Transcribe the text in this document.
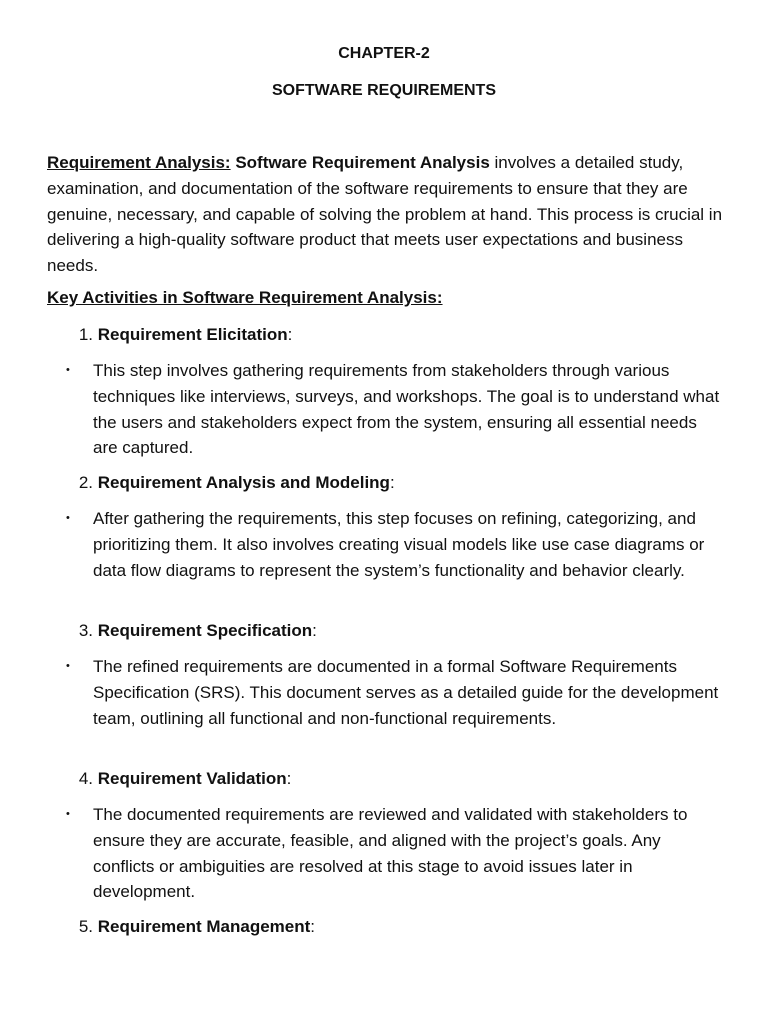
CHAPTER-2
SOFTWARE REQUIREMENTS
Requirement Analysis: Software Requirement Analysis involves a detailed study, examination, and documentation of the software requirements to ensure that they are genuine, necessary, and capable of solving the problem at hand. This process is crucial in delivering a high-quality software product that meets user expectations and business needs.
Key Activities in Software Requirement Analysis:
1. Requirement Elicitation:
• This step involves gathering requirements from stakeholders through various techniques like interviews, surveys, and workshops. The goal is to understand what the users and stakeholders expect from the system, ensuring all essential needs are captured.
2. Requirement Analysis and Modeling:
• After gathering the requirements, this step focuses on refining, categorizing, and prioritizing them. It also involves creating visual models like use case diagrams or data flow diagrams to represent the system’s functionality and behavior clearly.
3. Requirement Specification:
• The refined requirements are documented in a formal Software Requirements Specification (SRS). This document serves as a detailed guide for the development team, outlining all functional and non-functional requirements.
4. Requirement Validation:
• The documented requirements are reviewed and validated with stakeholders to ensure they are accurate, feasible, and aligned with the project’s goals. Any conflicts or ambiguities are resolved at this stage to avoid issues later in development.
5. Requirement Management:
